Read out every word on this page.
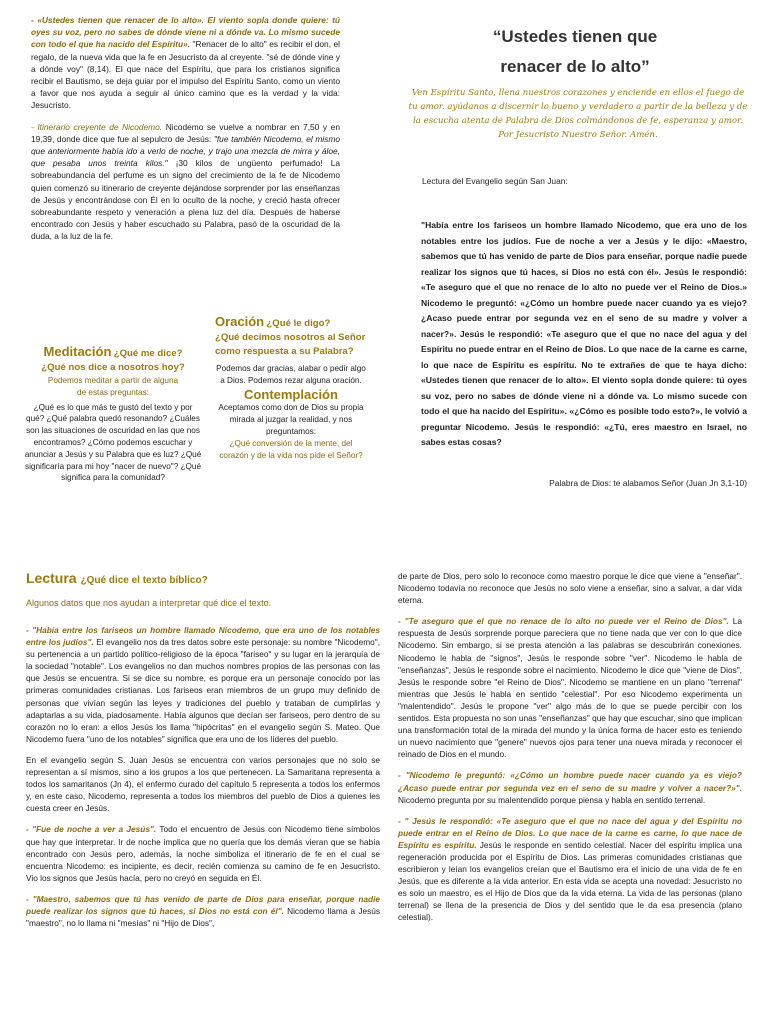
- «Ustedes tienen que renacer de lo alto». El viento sopla donde quiere: tú oyes su voz, pero no sabes de dónde viene ni a dónde va. Lo mismo sucede con todo el que ha nacido del Espíritu». "Renacer de lo alto" es recibir el don, el regalo, de la nueva vida que la fe en Jesucristo da al creyente. "sé de dónde vine y a dónde voy" (8,14). El que nace del Espíritu, que para los cristianos significa recibir el Bautismo, se deja guiar por el impulso del Espíritu Santo, como un viento a favor que nos ayuda a seguir al único camino que es la verdad y la vida: Jesucristo.

- Itinerario creyente de Nicodemo. Nicodemo se vuelve a nombrar en 7,50 y en 19,39, donde dice que fue al sepulcro de Jesús: "fue también Nicodemo, el mismo que anteriormente había ido a verlo de noche, y trajo una mezcla de mirra y áloe, que pesaba unos treinta kilos." ¡30 kilos de ungüento perfumado! La sobreabundancia del perfume es un signo del crecimiento de la fe de Nicodemo quien comenzó su itinerario de creyente dejándose sorprender por las enseñanzas de Jesús y encontrándose con Él en lo oculto de la noche, y creció hasta ofrecer sobreabundante respeto y veneración a plena luz del día. Después de haberse encontrado con Jesús y haber escuchado su Palabra, pasó de la oscuridad de la duda, a la luz de la fe.

Meditación ¿Qué me dice?
¿Qué nos dice a nosotros hoy?
Podemos meditar a partir de alguna de estas preguntas:
¿Qué es lo que más te gustó del texto y por qué? ¿Qué palabra quedó resonando? ¿Cuáles son las situaciones de oscuridad en las que nos encontramos? ¿Cómo podemos escuchar y anunciar a Jesús y su Palabra que es luz? ¿Qué significaría para mi hoy "nacer de nuevo"? ¿Qué significa para la comunidad?
Oración ¿Qué le digo?
¿Qué decimos nosotros al Señor como respuesta a su Palabra?
Podemos dar gracias, alabar o pedir algo a Dios. Podemos rezar alguna oración.
Contemplación
Aceptamos como don de Dios su propia mirada al juzgar la realidad, y nos preguntamos:
¿Qué conversión de la mente, del corazón y de la vida nos pide el Señor?
“Ustedes tienen que
renacer de lo alto”
Ven Espíritu Santo, llena nuestros corazones y enciende en ellos el fuego de tu amor. ayúdanos a discernir lo bueno y verdadero a partir de la belleza y de la escucha atenta de Palabra de Dios colmándonos de fe, esperanza y amor. Por Jesucristo Nuestro Señor. Amén.
Lectura del Evangelio según San Juan:
"Había entre los fariseos un hombre llamado Nicodemo, que era uno de los notables entre los judíos. Fue de noche a ver a Jesús y le dijo: «Maestro, sabemos que tú has venido de parte de Dios para enseñar, porque nadie puede realizar los signos que tú haces, si Dios no está con él». Jesús le respondió: «Te aseguro que el que no renace de lo alto no puede ver el Reino de Dios.» Nicodemo le preguntó: «¿Cómo un hombre puede nacer cuando ya es viejo? ¿Acaso puede entrar por segunda vez en el seno de su madre y volver a nacer?». Jesús le respondió: «Te aseguro que el que no nace del agua y del Espíritu no puede entrar en el Reino de Dios. Lo que nace de la carne es carne, lo que nace de Espíritu es espíritu. No te extrañes de que te haya dicho: «Ustedes tienen que renacer de lo alto». El viento sopla donde quiere: tú oyes su voz, pero no sabes de dónde viene ni a dónde va. Lo mismo sucede con todo el que ha nacido del Espíritu». «¿Cómo es posible todo esto?», le volvió a preguntar Nicodemo. Jesús le respondió: «¿Tú, eres maestro en Israel, no sabes estas cosas?
Palabra de Dios: te alabamos Señor (Juan Jn 3,1-10)
Lectura ¿Qué dice el texto bíblico?
Algunos datos que nos ayudan a interpretar qué dice el texto.

- "Había entre los fariseos un hombre llamado Nicodemo, que era uno de los notables entre los judíos". El evangelio nos da tres datos sobre este personaje: su nombre "Nicodemo", su pertenencia a un partido político-religioso de la época "fariseo" y su lugar en la jerarquía de la sociedad "notable". Los evangelios no dan muchos nombres propios de las personas con las que Jesús se encuentra. Si se dice su nombre, es porque era un personaje conocido por las primeras comunidades cristianas. Los fariseos eran miembros de un grupo muy definido de personas que vivían según las leyes y tradiciones del pueblo y trataban de cumplirlas y adaptarlas a su vida, piadosamente. Había algunos que decían ser fariseos, pero dentro de su corazón no lo eran: a ellos Jesús los llama "hipócritas" en el evangelio según S. Mateo. Que Nicodemo fuera "uno de los notables" significa que era uno de los líderes del pueblo.

En el evangelio según S. Juan Jesús se encuentra con varios personajes que no solo se representan a sí mismos, sino a los grupos a los que pertenecen. La Samaritana representa a todos los samaritanos (Jn 4), el enfermo curado del capítulo 5 representa a todos los enfermos y, en este caso, Nicodemo, representa a todos los miembros del pueblo de Dios a quienes les cuesta creer en Jesús.

- "Fue de noche a ver a Jesús". Todo el encuentro de Jesús con Nicodemo tiene símbolos que hay que interpretar. Ir de noche implica que no quería que los demás vieran que se había encontrado con Jesús pero, además, la noche simboliza el itinerario de fe en el cual se encuentra Nicodemo: es incipiente, es decir, recién comienza su camino de fe en Jesucristo. Vio los signos que Jesús hacía, pero no creyó en seguida en Él.

- "Maestro, sabemos que tú has venido de parte de Dios para enseñar, porque nadie puede realizar los signos que tú haces, si Dios no está con él". Nicodemo llama a Jesús "maestro", no lo llama ni "mesías" ni "Hijo de Dios",

de parte de Dios, pero solo lo reconoce como maestro porque le dice que viene a "enseñar". Nicodemo todavía no reconoce que Jesús no solo viene a enseñar, sino a salvar, a dar vida eterna.

- "Te aseguro que el que no renace de lo alto no puede ver el Reino de Dios". La respuesta de Jesús sorprende porque pareciera que no tiene nada que ver con lo que dice Nicodemo. Sin embargo, si se presta atención a las palabras se descubrirán conexiones. Nicodemo le habla de "signos", Jesús le responde sobre "ver". Nicodemo le habla de "enseñanzas", Jesús le responde sobre el nacimiento. Nicodemo le dice que "viene de Dios", Jesús le responde sobre "el Reino de Dios". Nicodemo se mantiene en un plano "terrenal" mientras que Jesús le habla en sentido "celestial". Por eso Nicodemo experimenta un "malentendido". Jesús le propone "ver" algo más de lo que se puede percibir con los sentidos. Esta propuesta no son unas "enseñanzas" que hay que escuchar, sino que implican una transformación total de la mirada del mundo y la única forma de hacer esto es teniendo un nuevo nacimiento que "genere" nuevos ojos para tener una nueva mirada y reconocer el reinado de Dios en el mundo.

- "Nicodemo le preguntó: «¿Cómo un hombre puede nacer cuando ya es viejo? ¿Acaso puede entrar por segunda vez en el seno de su madre y volver a nacer?»". Nicodemo pregunta por su malentendido porque piensa y habla en sentido terrenal.

- " Jesús le respondió: «Te aseguro que el que no nace del agua y del Espíritu no puede entrar en el Reino de Dios. Lo que nace de la carne es carne, lo que nace de Espíritu es espíritu. Jesús le responde en sentido celestial. Nacer del espíritu implica una regeneración producida por el Espíritu de Dios. Las primeras comunidades cristianas que escribieron y leían los evangelios creían que el Bautismo era el inicio de una vida de fe en Jesús, que es diferente a la vida anterior. En esta vida se acepta una novedad: Jesucristo no es solo un maestro, es el Hijo de Dios que da la vida eterna. La vida de las personas (plano terrenal) se llena de la presencia de Dios y del sentido que le da esa presencia (plano celestial).
